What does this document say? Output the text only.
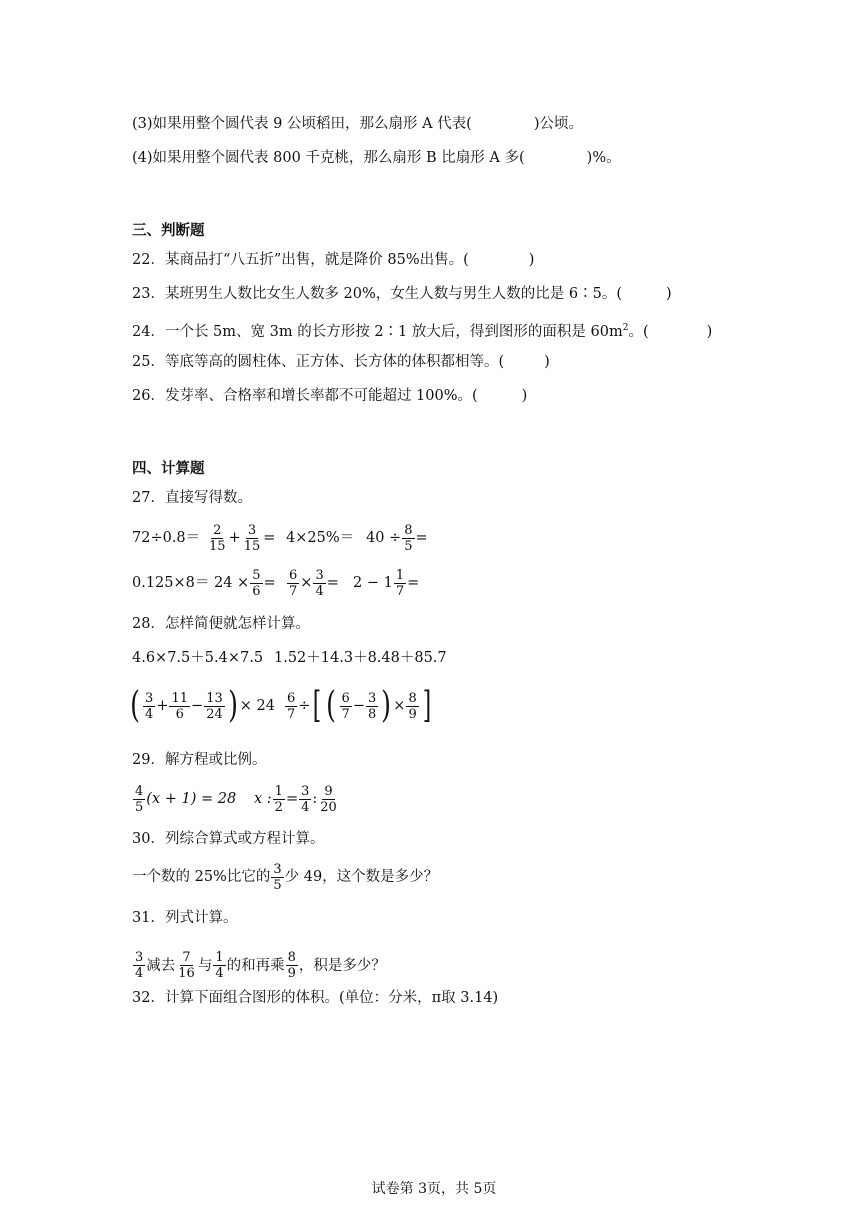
(3)如果用整个圆代表 9 公顷稻田，那么扇形 A 代表(	)公顷。
(4)如果用整个圆代表 800 千克桃，那么扇形 B 比扇形 A 多(	)%。
三、判断题
22．某商品打“八五折”出售，就是降价 85%出售。(	)
23．某班男生人数比女生人数多 20%，女生人数与男生人数的比是 6∶5。(	)
24．一个长 5m、宽 3m 的长方形按 2∶1 放大后，得到图形的面积是 $60m^2$。(	)
25．等底等高的圆柱体、正方体、长方体的体积都相等。(	)
26．发芽率、合格率和增长率都不可能超过 100%。(	)
四、计算题
27．直接写得数。
$72\div 0.8= \frac{2}{15} + \frac{3}{15} = 4\times 25\%= 40 \div \frac{8}{5}$ =
$0.125\times 8= 24 \times \frac{5}{6} = \frac{6}{7} \times \frac{3}{4} = 2 - 1 \frac{1}{7}$ =
28．怎样简便就怎样计算。
4.6×7.5＋5.4×7.5 1.52＋14.3＋8.48＋85.7
( $\frac{3}{4} + \frac{11}{6} - \frac{13}{24}$ ) × $24 \frac{6}{7}$ ÷ [ ( $\frac{6}{7} - \frac{3}{8}$ ) × $\frac{8}{9}$ ]
29．解方程或比例。
$\frac{4}{5} (x + 1) = 28$ x : $\frac{1}{2} = \frac{3}{4}$ : $\frac{9}{20}$
30．列综合算式或方程计算。
一个数的 25%比它的 $\frac{3}{5}$ 少 49，这个数是多少？
31．列式计算。
$\frac{3}{4}$ 减去 $\frac{7}{16}$ 与 $\frac{1}{4}$ 的和再乘 $\frac{8}{9}$ ，积是多少？
32．计算下面组合图形的体积。(单位：分米，π取 3.14)
试卷第 3页，共 5页
